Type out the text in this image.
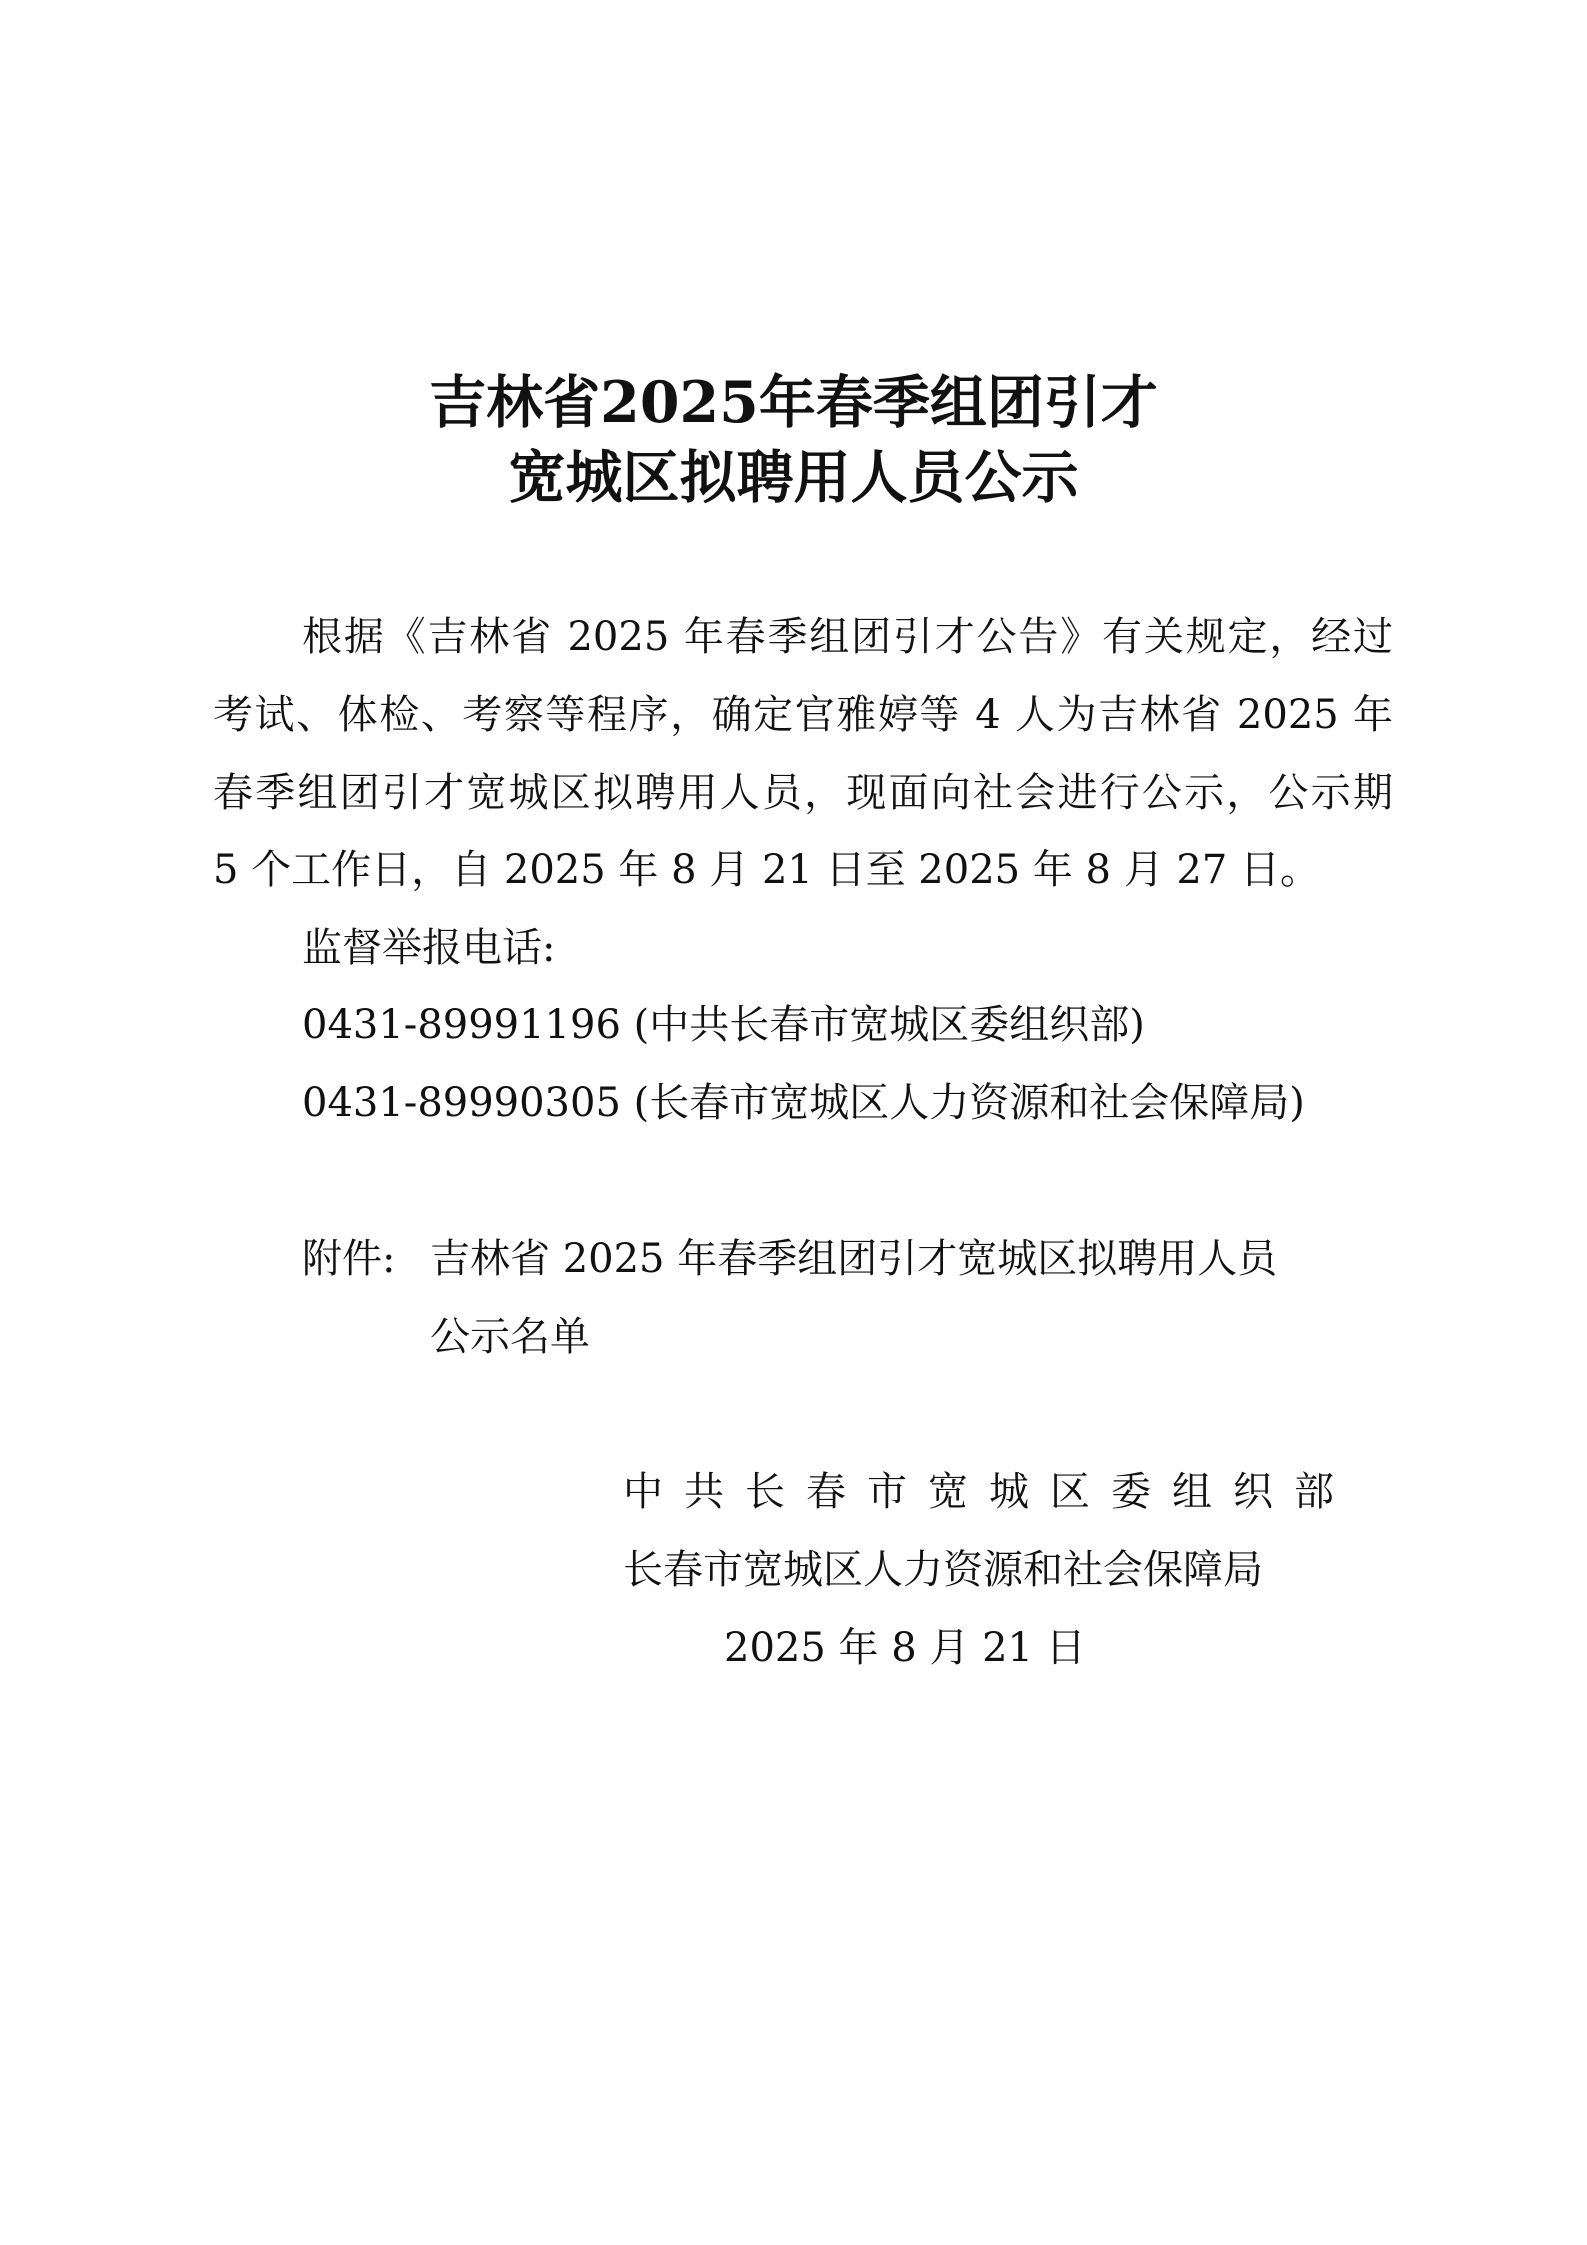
吉林省2025年春季组团引才
宽城区拟聘用人员公示
根据《吉林省 2025 年春季组团引才公告》有关规定，经过
考试、体检、考察等程序，确定官雅婷等 4 人为吉林省 2025 年
春季组团引才宽城区拟聘用人员，现面向社会进行公示，公示期
5 个工作日，自 2025 年 8 月 21 日至 2025 年 8 月 27 日。
监督举报电话:
0431-89991196 (中共长春市宽城区委组织部)
0431-89990305 (长春市宽城区人力资源和社会保障局)
附件: 吉林省 2025 年春季组团引才宽城区拟聘用人员
公示名单
中共长春市宽城区委组织部
长春市宽城区人力资源和社会保障局
2025 年 8 月 21 日
